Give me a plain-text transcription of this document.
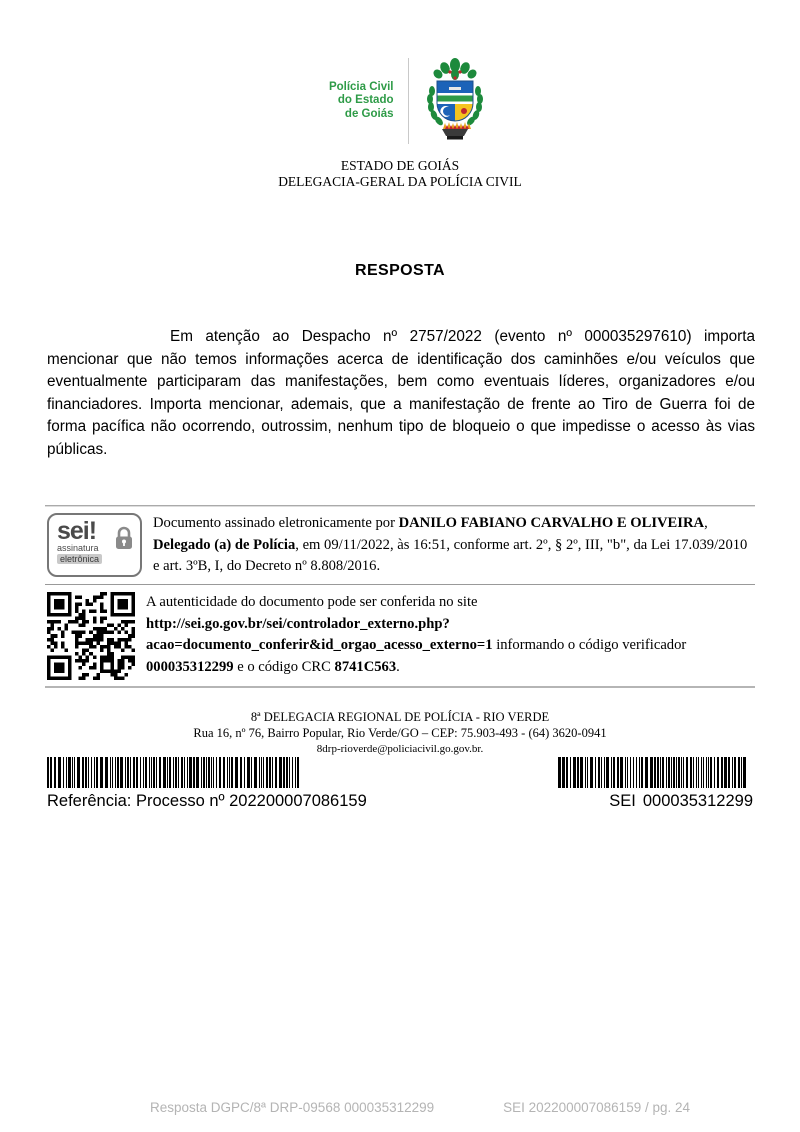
Polícia Civil
do Estado
de Goiás
ESTADO DE GOIÁS
DELEGACIA-GERAL DA POLÍCIA CIVIL
RESPOSTA
Em atenção ao Despacho nº 2757/2022 (evento nº 000035297610) importa mencionar que não temos informações acerca de identificação dos caminhões e/ou veículos que eventualmente participaram das manifestações, bem como eventuais líderes, organizadores e/ou financiadores. Importa mencionar, ademais, que a manifestação de frente ao Tiro de Guerra foi de forma pacífica não ocorrendo, outrossim, nenhum tipo de bloqueio o que impedisse o acesso às vias públicas.
sei!
assinatura
eletrônica
Documento assinado eletronicamente por DANILO FABIANO CARVALHO E OLIVEIRA, Delegado (a) de Polícia, em 09/11/2022, às 16:51, conforme art. 2º, § 2º, III, "b", da Lei 17.039/2010 e art. 3ºB, I, do Decreto nº 8.808/2016.
A autenticidade do documento pode ser conferida no site http://sei.go.gov.br/sei/controlador_externo.php?acao=documento_conferir&id_orgao_acesso_externo=1 informando o código verificador 000035312299 e o código CRC 8741C563.
8ª DELEGACIA REGIONAL DE POLÍCIA - RIO VERDE
Rua 16, nº 76, Bairro Popular, Rio Verde/GO – CEP: 75.903-493 - (64) 3620-0941
8drp-rioverde@policiacivil.go.gov.br.
Referência: Processo nº 202200007086159	SEI 000035312299
Resposta DGPC/8ª DRP-09568 000035312299	SEI 202200007086159 / pg. 24
